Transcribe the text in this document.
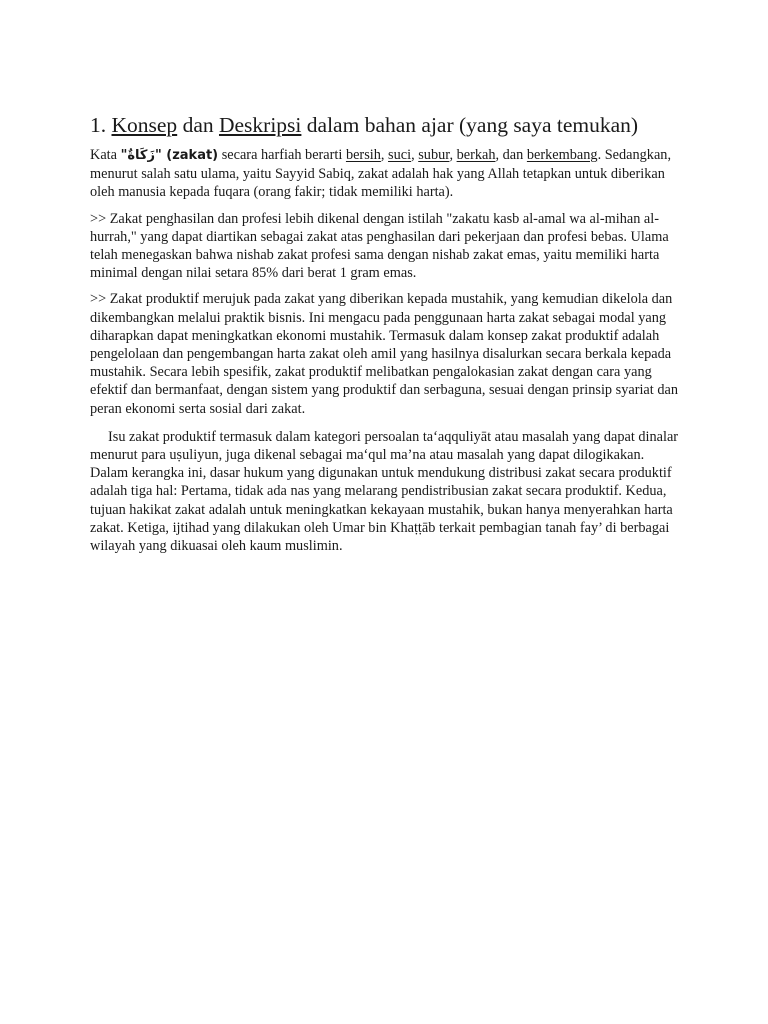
1. Konsep dan Deskripsi dalam bahan ajar (yang saya temukan)

Kata "زَكَاةٌ" (zakat) secara harfiah berarti bersih, suci, subur, berkah, dan berkembang. Sedangkan, menurut salah satu ulama, yaitu Sayyid Sabiq, zakat adalah hak yang Allah tetapkan untuk diberikan oleh manusia kepada fuqara (orang fakir; tidak memiliki harta).

>> Zakat penghasilan dan profesi lebih dikenal dengan istilah "zakatu kasb al-amal wa al-mihan al-hurrah," yang dapat diartikan sebagai zakat atas penghasilan dari pekerjaan dan profesi bebas. Ulama telah menegaskan bahwa nishab zakat profesi sama dengan nishab zakat emas, yaitu memiliki harta minimal dengan nilai setara 85% dari berat 1 gram emas.

>> Zakat produktif merujuk pada zakat yang diberikan kepada mustahik, yang kemudian dikelola dan dikembangkan melalui praktik bisnis. Ini mengacu pada penggunaan harta zakat sebagai modal yang diharapkan dapat meningkatkan ekonomi mustahik. Termasuk dalam konsep zakat produktif adalah pengelolaan dan pengembangan harta zakat oleh amil yang hasilnya disalurkan secara berkala kepada mustahik. Secara lebih spesifik, zakat produktif melibatkan pengalokasian zakat dengan cara yang efektif dan bermanfaat, dengan sistem yang produktif dan serbaguna, sesuai dengan prinsip syariat dan peran ekonomi serta sosial dari zakat.

Isu zakat produktif termasuk dalam kategori persoalan ta‘aqquliyāt atau masalah yang dapat dinalar menurut para uṣuliyun, juga dikenal sebagai ma‘qul ma’na atau masalah yang dapat dilogikakan. Dalam kerangka ini, dasar hukum yang digunakan untuk mendukung distribusi zakat secara produktif adalah tiga hal: Pertama, tidak ada nas yang melarang pendistribusian zakat secara produktif. Kedua, tujuan hakikat zakat adalah untuk meningkatkan kekayaan mustahik, bukan hanya menyerahkan harta zakat. Ketiga, ijtihad yang dilakukan oleh Umar bin Khaṭṭāb terkait pembagian tanah fay’ di berbagai wilayah yang dikuasai oleh kaum muslimin.
